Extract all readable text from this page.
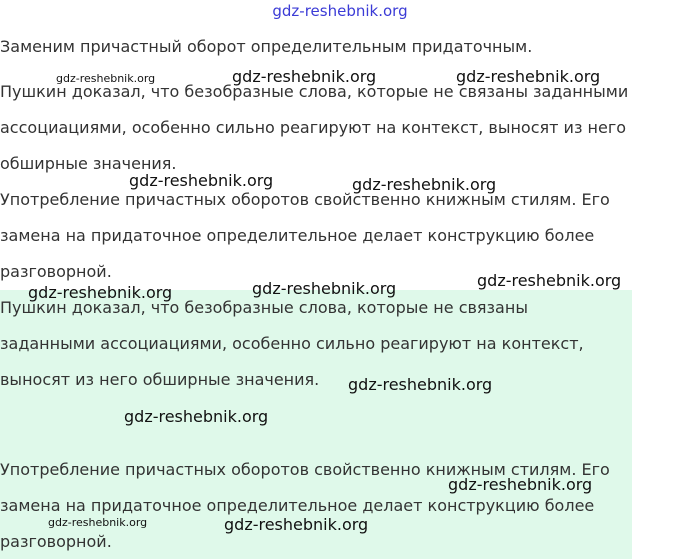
gdz-reshebnik.org

Заменим причастный оборот определительным придаточным.

Пушкин доказал, что безобразные слова, которые не связаны заданными

ассоциациями, особенно сильно реагируют на контекст, выносят из него

обширные значения.

Употребление причастных оборотов свойственно книжным стилям. Его

замена на придаточное определительное делает конструкцию более

разговорной.

Пушкин доказал, что безобразные слова, которые не связаны

заданными ассоциациями, особенно сильно реагируют на контекст,

выносят из него обширные значения.

Употребление причастных оборотов свойственно книжным стилям. Его

замена на придаточное определительное делает конструкцию более

разговорной.

gdz-reshebnik.org	gdz-reshebnik.org	gdz-reshebnik.org
gdz-reshebnik.org	gdz-reshebnik.org
gdz-reshebnik.org
gdz-reshebnik.org	gdz-reshebnik.org
gdz-reshebnik.org
gdz-reshebnik.org
gdz-reshebnik.org
gdz-reshebnik.org	gdz-reshebnik.org
